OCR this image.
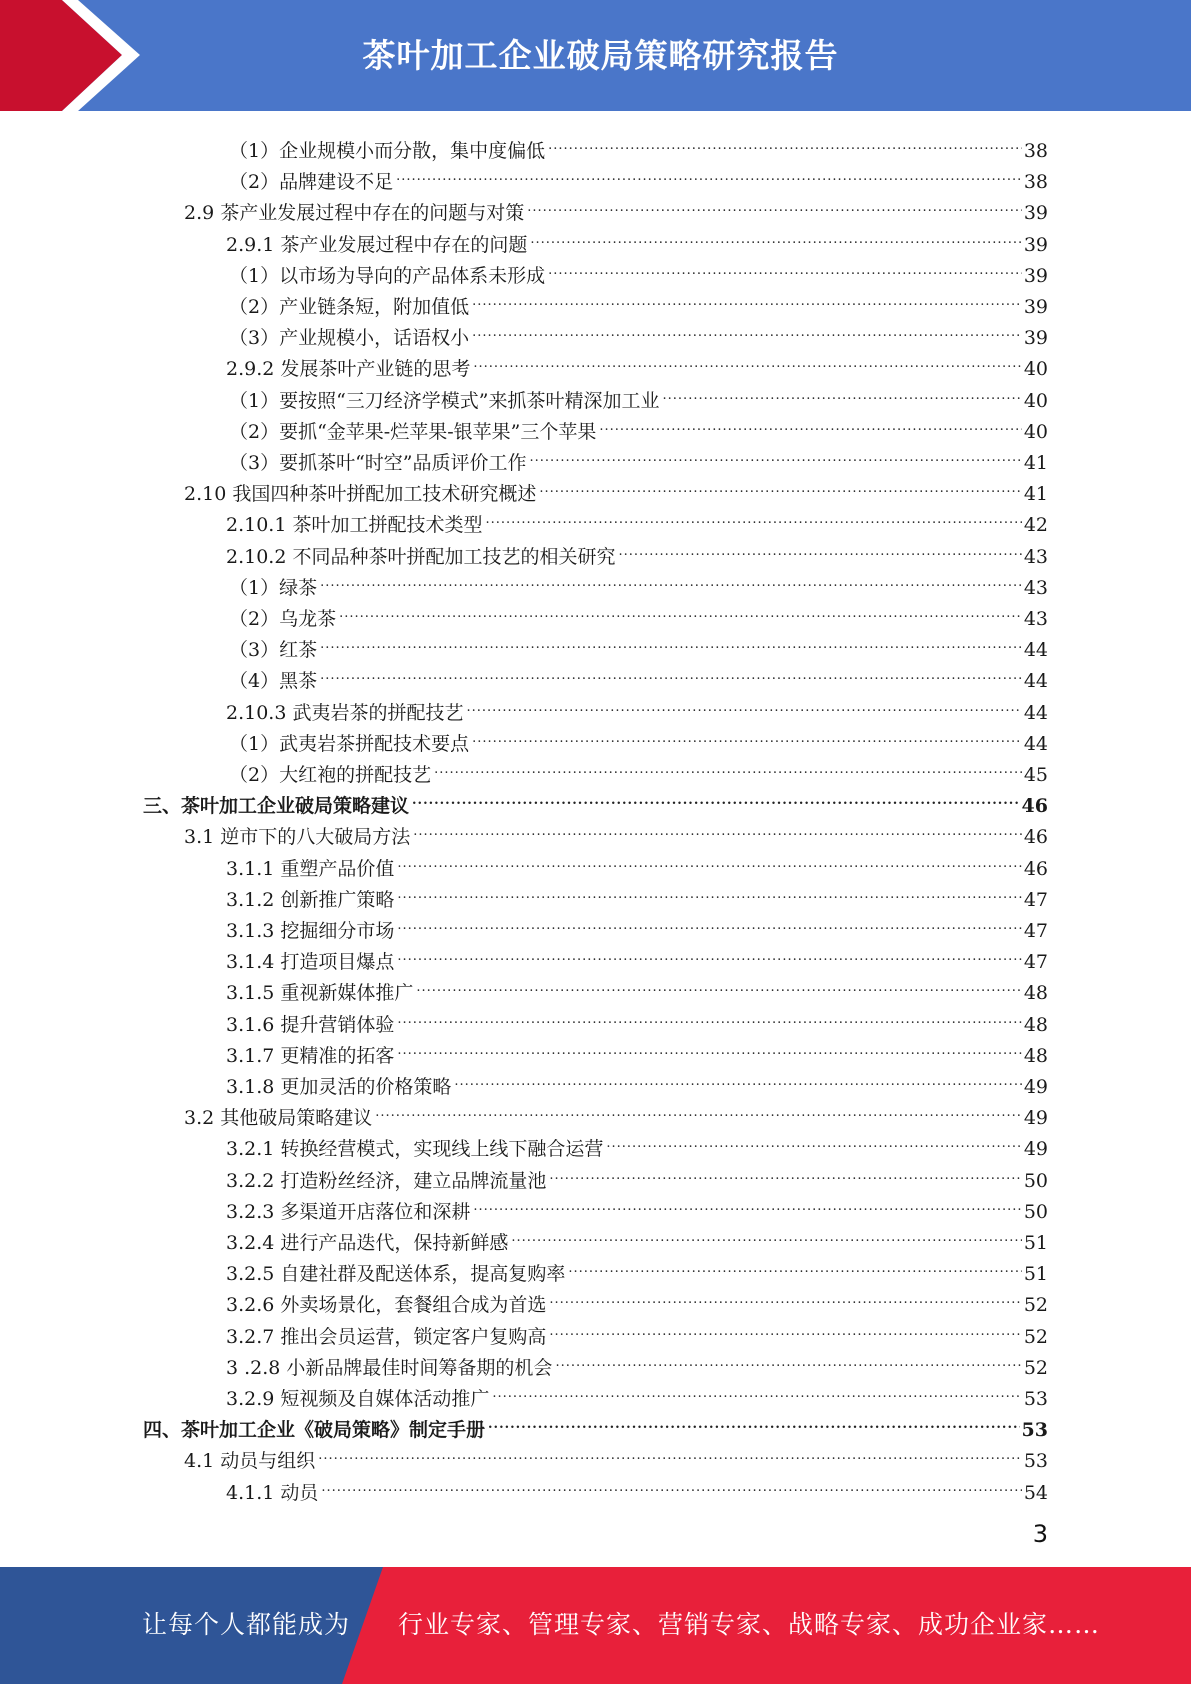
茶叶加工企业破局策略研究报告
（1）企业规模小而分散，集中度偏低 .....	38
（2）品牌建设不足 .....	38
2.9 茶产业发展过程中存在的问题与对策 .....	39
2.9.1 茶产业发展过程中存在的问题 .....	39
（1）以市场为导向的产品体系未形成 .....	39
（2）产业链条短，附加值低 .....	39
（3）产业规模小，话语权小 .....	39
2.9.2 发展茶叶产业链的思考 .....	40
（1）要按照“三刀经济学模式”来抓茶叶精深加工业 .....	40
（2）要抓“金苹果-烂苹果-银苹果”三个苹果 .....	40
（3）要抓茶叶“时空”品质评价工作 .....	41
2.10 我国四种茶叶拼配加工技术研究概述 .....	41
2.10.1 茶叶加工拼配技术类型 .....	42
2.10.2 不同品种茶叶拼配加工技艺的相关研究 .....	43
（1）绿茶 .....	43
（2）乌龙茶 .....	43
（3）红茶 .....	44
（4）黑茶 .....	44
2.10.3 武夷岩茶的拼配技艺 .....	44
（1）武夷岩茶拼配技术要点 .....	44
（2）大红袍的拼配技艺 .....	45
三、茶叶加工企业破局策略建议 .....	46
3.1 逆市下的八大破局方法 .....	46
3.1.1 重塑产品价值 .....	46
3.1.2 创新推广策略 .....	47
3.1.3 挖掘细分市场 .....	47
3.1.4 打造项目爆点 .....	47
3.1.5 重视新媒体推广 .....	48
3.1.6 提升营销体验 .....	48
3.1.7 更精准的拓客 .....	48
3.1.8 更加灵活的价格策略 .....	49
3.2 其他破局策略建议 .....	49
3.2.1 转换经营模式，实现线上线下融合运营 .....	49
3.2.2 打造粉丝经济，建立品牌流量池 .....	50
3.2.3 多渠道开店落位和深耕 .....	50
3.2.4 进行产品迭代，保持新鲜感 .....	51
3.2.5 自建社群及配送体系，提高复购率 .....	51
3.2.6 外卖场景化，套餐组合成为首选 .....	52
3.2.7 推出会员运营，锁定客户复购高 .....	52
3 .2.8 小新品牌最佳时间筹备期的机会 .....	52
3.2.9 短视频及自媒体活动推广 .....	53
四、茶叶加工企业《破局策略》制定手册 .....	53
4.1 动员与组织 .....	53
4.1.1 动员 .....	54
3
让每个人都能成为 行业专家、管理专家、营销专家、战略专家、成功企业家……
